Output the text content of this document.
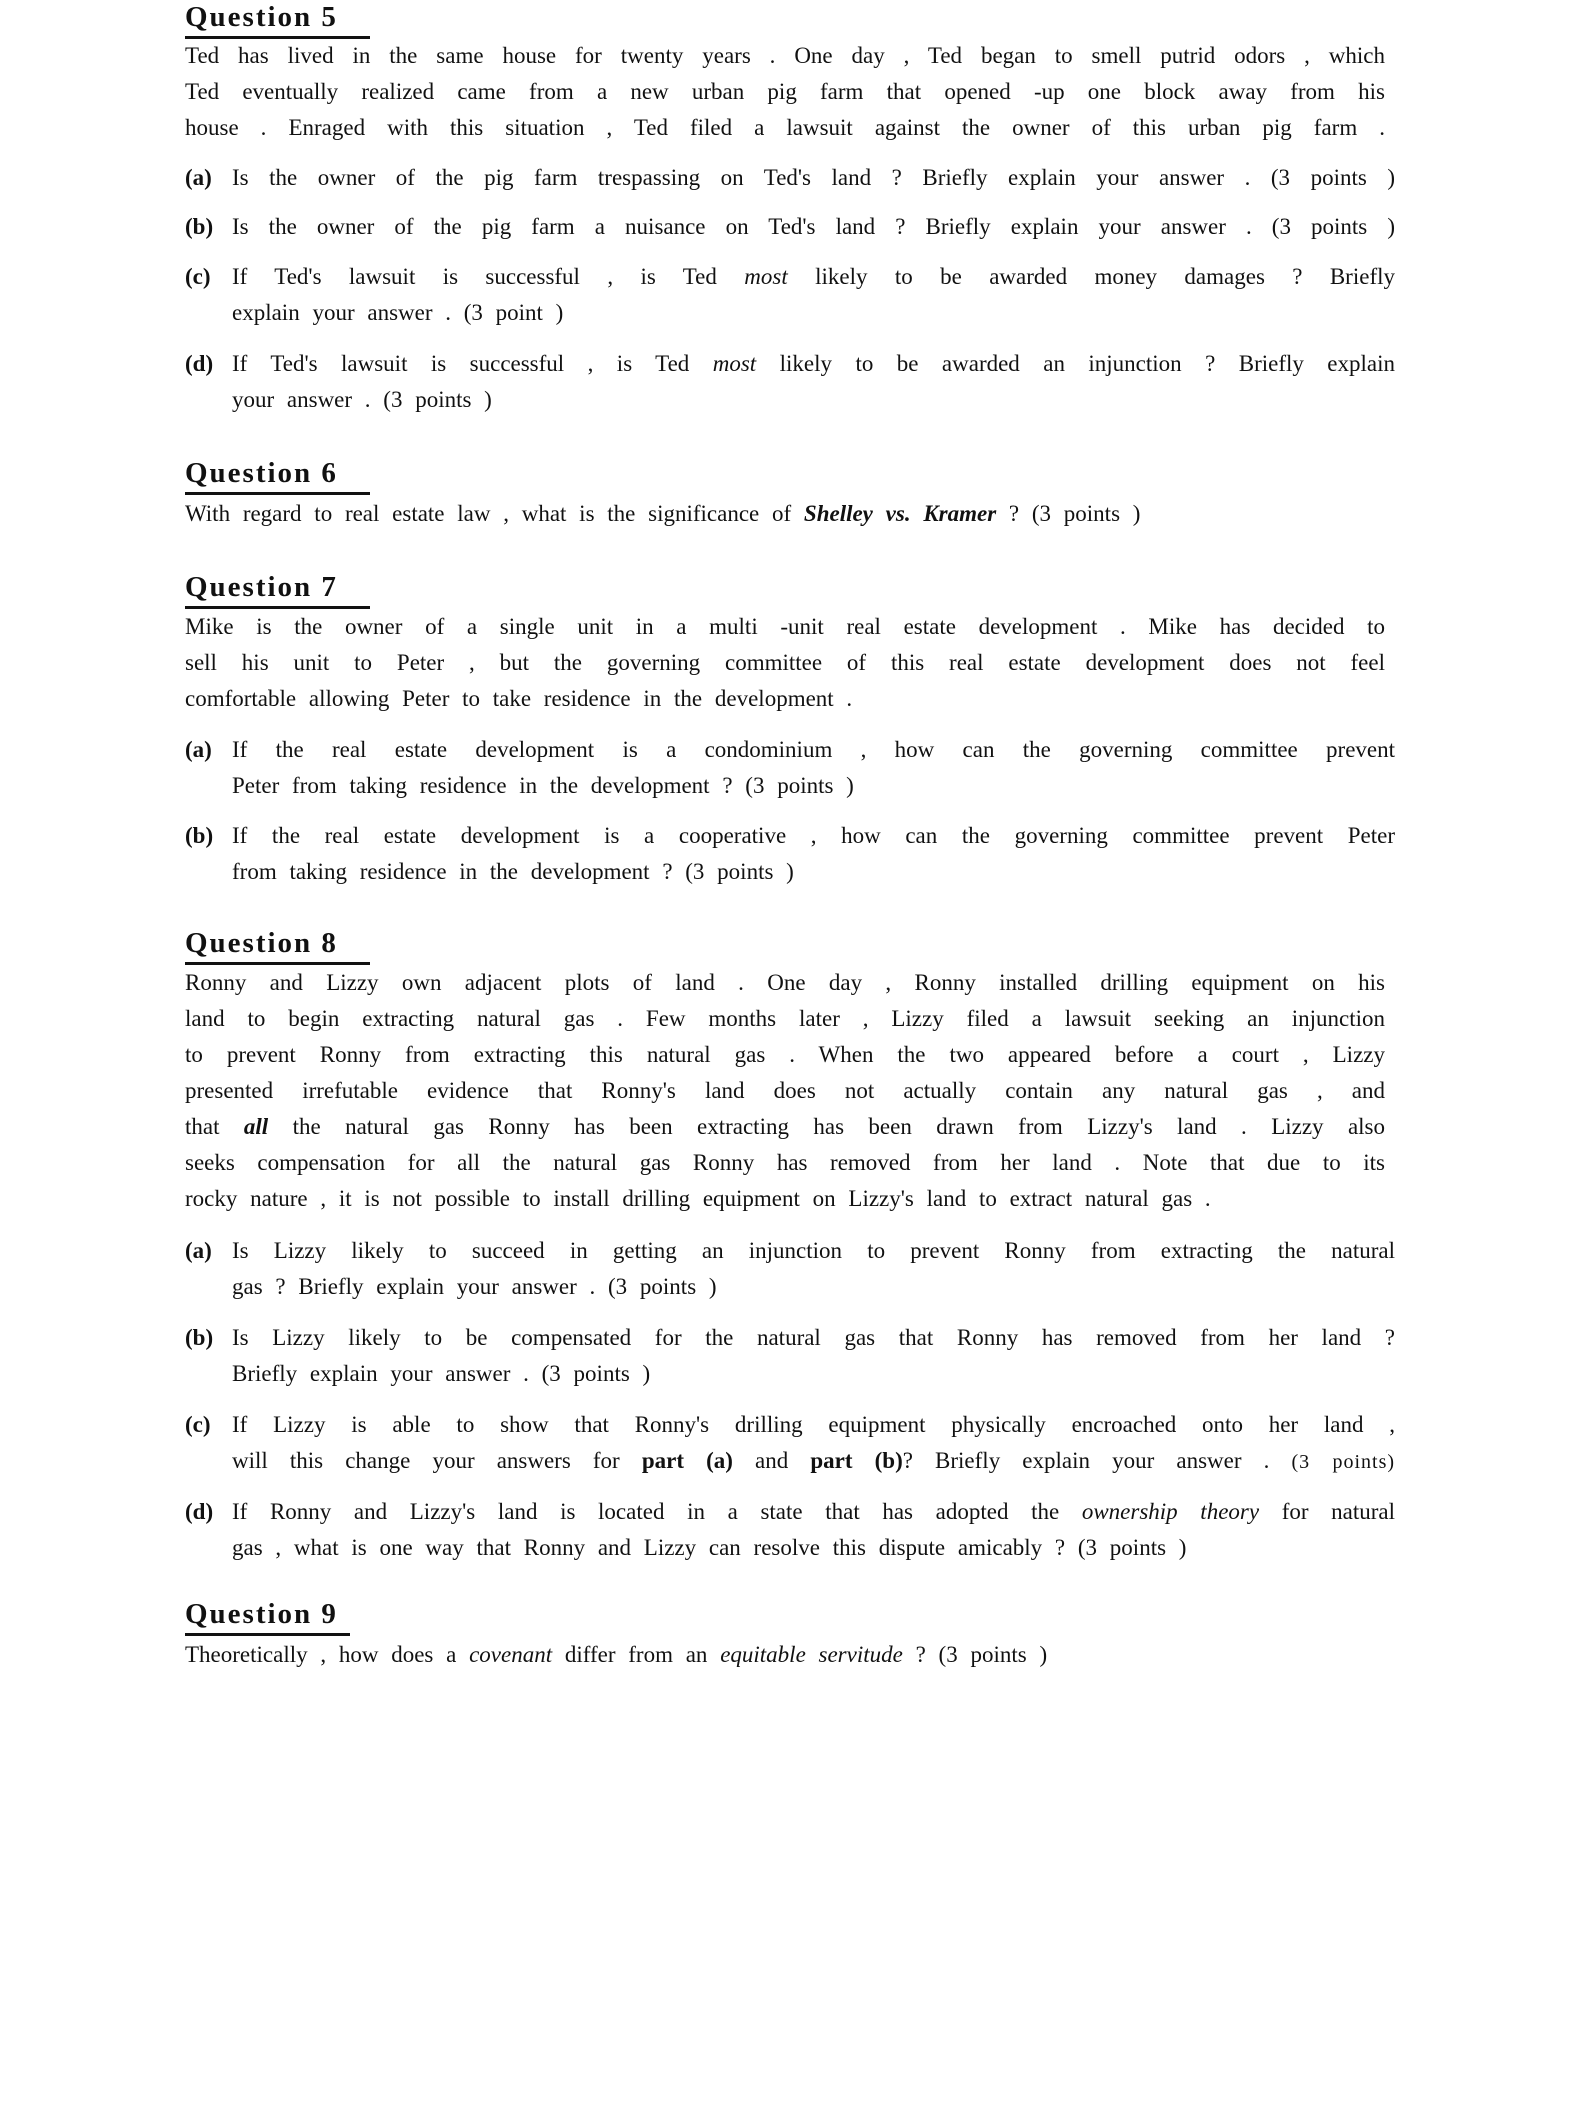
Question 5
Ted has lived in the same house for twenty years . One day , Ted began to smell putrid odors , which
Ted eventually realized came from a new urban pig farm that opened -up one block away from his
house . Enraged with this situation , Ted filed a lawsuit against the owner of this urban pig farm .
(a) Is the owner of the pig farm trespassing on Ted's land ? Briefly explain your answer . (3 points )
(b) Is the owner of the pig farm a nuisance on Ted's land ? Briefly explain your answer . (3 points )
(c) If Ted's lawsuit is successful , is Ted most likely to be awarded money damages ? Briefly
explain your answer . (3 point )
(d) If Ted's lawsuit is successful , is Ted most likely to be awarded an injunction ? Briefly explain
your answer . (3 points )
Question 6
With regard to real estate law , what is the significance of Shelley vs. Kramer ? (3 points )
Question 7
Mike is the owner of a single unit in a multi -unit real estate development . Mike has decided to
sell his unit to Peter , but the governing committee of this real estate development does not feel
comfortable allowing Peter to take residence in the development .
(a) If the real estate development is a condominium , how can the governing committee prevent
Peter from taking residence in the development ? (3 points )
(b) If the real estate development is a cooperative , how can the governing committee prevent Peter
from taking residence in the development ? (3 points )
Question 8
Ronny and Lizzy own adjacent plots of land . One day , Ronny installed drilling equipment on his
land to begin extracting natural gas . Few months later , Lizzy filed a lawsuit seeking an injunction
to prevent Ronny from extracting this natural gas . When the two appeared before a court , Lizzy
presented irrefutable evidence that Ronny's land does not actually contain any natural gas , and
that all the natural gas Ronny has been extracting has been drawn from Lizzy's land . Lizzy also
seeks compensation for all the natural gas Ronny has removed from her land . Note that due to its
rocky nature , it is not possible to install drilling equipment on Lizzy's land to extract natural gas .
(a) Is Lizzy likely to succeed in getting an injunction to prevent Ronny from extracting the natural
gas ? Briefly explain your answer . (3 points )
(b) Is Lizzy likely to be compensated for the natural gas that Ronny has removed from her land ?
Briefly explain your answer . (3 points )
(c) If Lizzy is able to show that Ronny's drilling equipment physically encroached onto her land ,
will this change your answers for part (a) and part (b)? Briefly explain your answer . (3 points)
(d) If Ronny and Lizzy's land is located in a state that has adopted the ownership theory for natural
gas , what is one way that Ronny and Lizzy can resolve this dispute amicably ? (3 points )
Question 9
Theoretically , how does a covenant differ from an equitable servitude ? (3 points )
